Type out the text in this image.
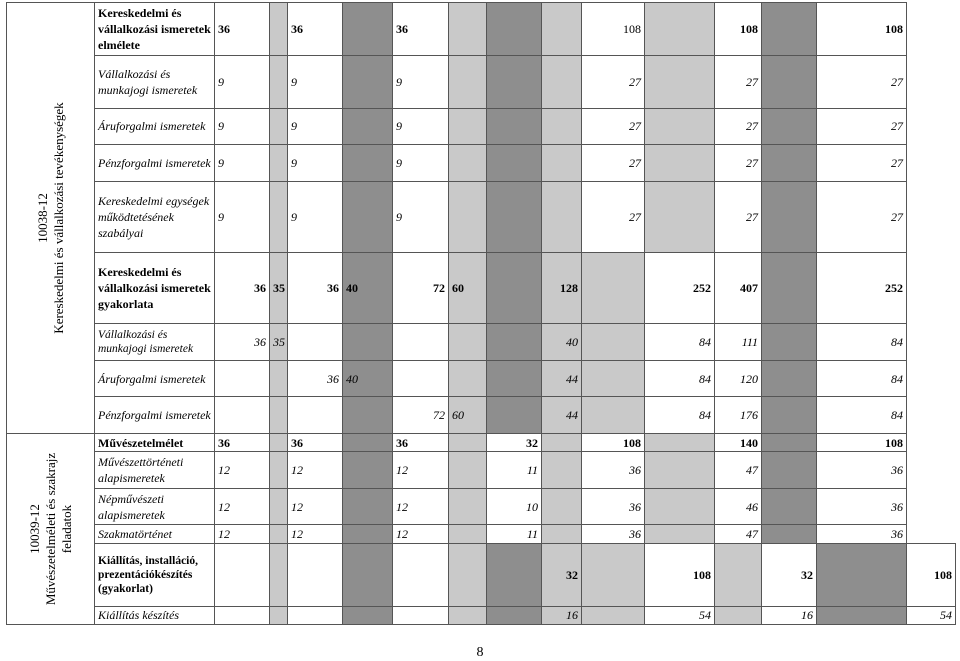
10038-12 Kereskedelmi és vállalkozási tevékenységek	Kereskedelmi és vállalkozási ismeretek elmélete	36		36		36				108		108		108	
	Vállalkozási és munkajogi ismeretek	9		9		9				27		27		27	
	Áruforgalmi ismeretek	9		9		9				27		27		27	
	Pénzforgalmi ismeretek	9		9		9				27		27		27	
	Kereskedelmi egységek működtetésének szabályai	9		9		9				27		27		27	
	Kereskedelmi és vállalkozási ismeretek gyakorlata	36	35	36	40	72	60		128		252	407		252	
	Vállalkozási és munkajogi ismeretek	36	35						40		84	111		84	
	Áruforgalmi ismeretek			36	40				44		84	120		84	
	Pénzforgalmi ismeretek					72	60		44		84	176		84	

10039-12 Művészetelméleti és szakrajz feladatok	Művészetelmélet	36		36		36		32		108		140		108	
	Művészettörténeti alapismeretek	12		12		12		11		36		47		36	
	Népművészeti alapismeretek	12		12		12		10		36		46		36	
	Szakmatörténet	12		12		12		11		36		47		36	
	Kiállítás, installáció, prezentációkészítés (gyakorlat)								32		108		32		108
	Kiállítás készítés								16		54		16		54
8
